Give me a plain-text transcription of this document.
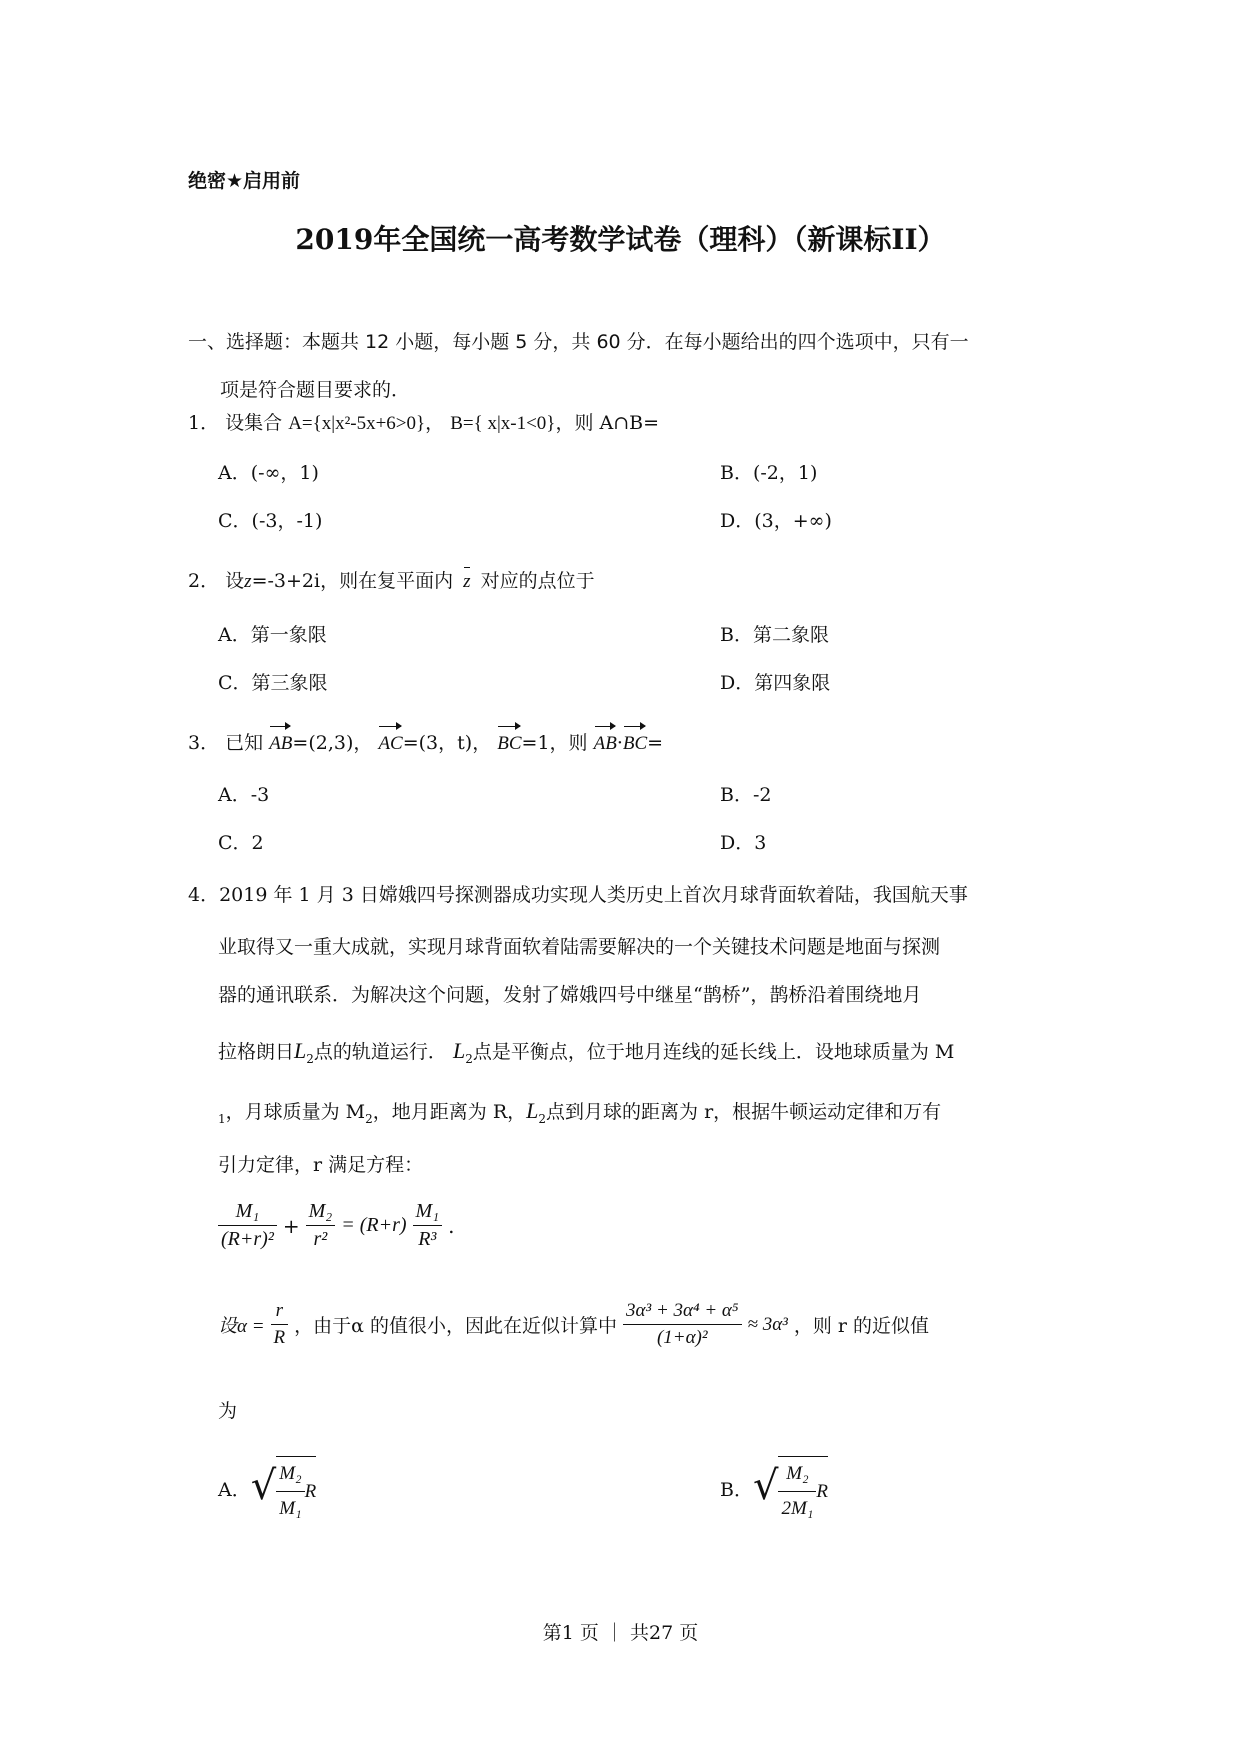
绝密★启用前
2019年全国统一高考数学试卷（理科）（新课标II）
一、选择题：本题共 12 小题，每小题 5 分，共 60 分．在每小题给出的四个选项中，只有一
项是符合题目要求的．
1． 设集合 A={x|x²-5x+6>0}， B={ x|x-1<0}，则 A∩B=
A．(-∞，1)	B．(-2，1)
C．(-3，-1)	D．(3，+∞)
2． 设z=-3+2i，则在复平面内 z 对应的点位于
A．第一象限	B．第二象限
C．第三象限	D．第四象限
3． 已知 AB=(2,3)， AC=(3，t)， BC=1，则 AB·BC=
A．-3	B．-2
C．2	D．3
4．2019 年 1 月 3 日嫦娥四号探测器成功实现人类历史上首次月球背面软着陆，我国航天事
业取得又一重大成就，实现月球背面软着陆需要解决的一个关键技术问题是地面与探测
器的通讯联系．为解决这个问题，发射了嫦娥四号中继星“鹊桥”，鹊桥沿着围绕地月
拉格朗日$L_2$点的轨道运行． $L_2$点是平衡点，位于地月连线的延长线上．设地球质量为 M
$_1$，月球质量为 $M_2$，地月距离为 R，$L_2$点到月球的距离为 r，根据牛顿运动定律和万有
引力定律，r 满足方程：
$\frac{\text{M₁}}{\text{(R+r)²}} + \frac{\text{M₂}}{\text{r²}} = (R+r) \frac{\text{M₁}}{\text{R³}}$ .
设$\alpha = \frac{r}{R}$ ，由于α 的值很小，因此在近似计算中 $\frac{\text{3α³ + 3α⁴ + α⁵}}{\text{(1+α)²}} \approx 3\alpha^3$ ，则 r 的近似值
为
A． √ $\frac{\text{M₂}}{\text{M₁}}$ R	B． √ $\frac{\text{M₂}}{\text{2M₁}}$ R
第1 页 ｜ 共27 页
